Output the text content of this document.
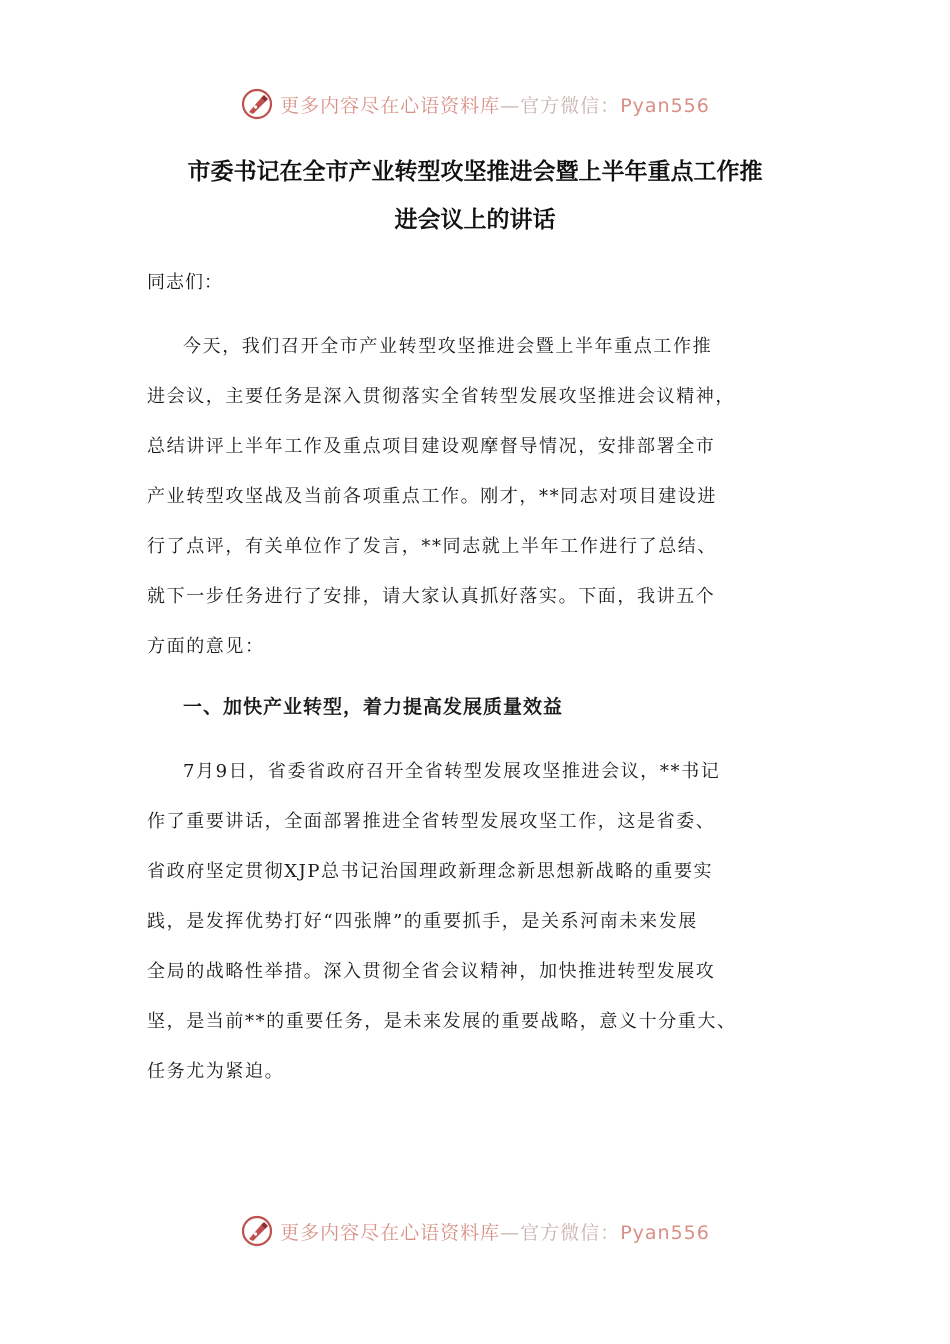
更多内容尽在心语资料库—官方微信：Pyan556
市委书记在全市产业转型攻坚推进会暨上半年重点工作推
进会议上的讲话

同志们：

今天，我们召开全市产业转型攻坚推进会暨上半年重点工作推
进会议，主要任务是深入贯彻落实全省转型发展攻坚推进会议精神，
总结讲评上半年工作及重点项目建设观摩督导情况，安排部署全市
产业转型攻坚战及当前各项重点工作。刚才，**同志对项目建设进
行了点评，有关单位作了发言，**同志就上半年工作进行了总结、
就下一步任务进行了安排，请大家认真抓好落实。下面，我讲五个
方面的意见：

一、加快产业转型，着力提高发展质量效益

7月9日，省委省政府召开全省转型发展攻坚推进会议，**书记
作了重要讲话，全面部署推进全省转型发展攻坚工作，这是省委、
省政府坚定贯彻XJP总书记治国理政新理念新思想新战略的重要实
践，是发挥优势打好“四张牌”的重要抓手，是关系河南未来发展
全局的战略性举措。深入贯彻全省会议精神，加快推进转型发展攻
坚，是当前**的重要任务，是未来发展的重要战略，意义十分重大、
任务尤为紧迫。

更多内容尽在心语资料库—官方微信：Pyan556
